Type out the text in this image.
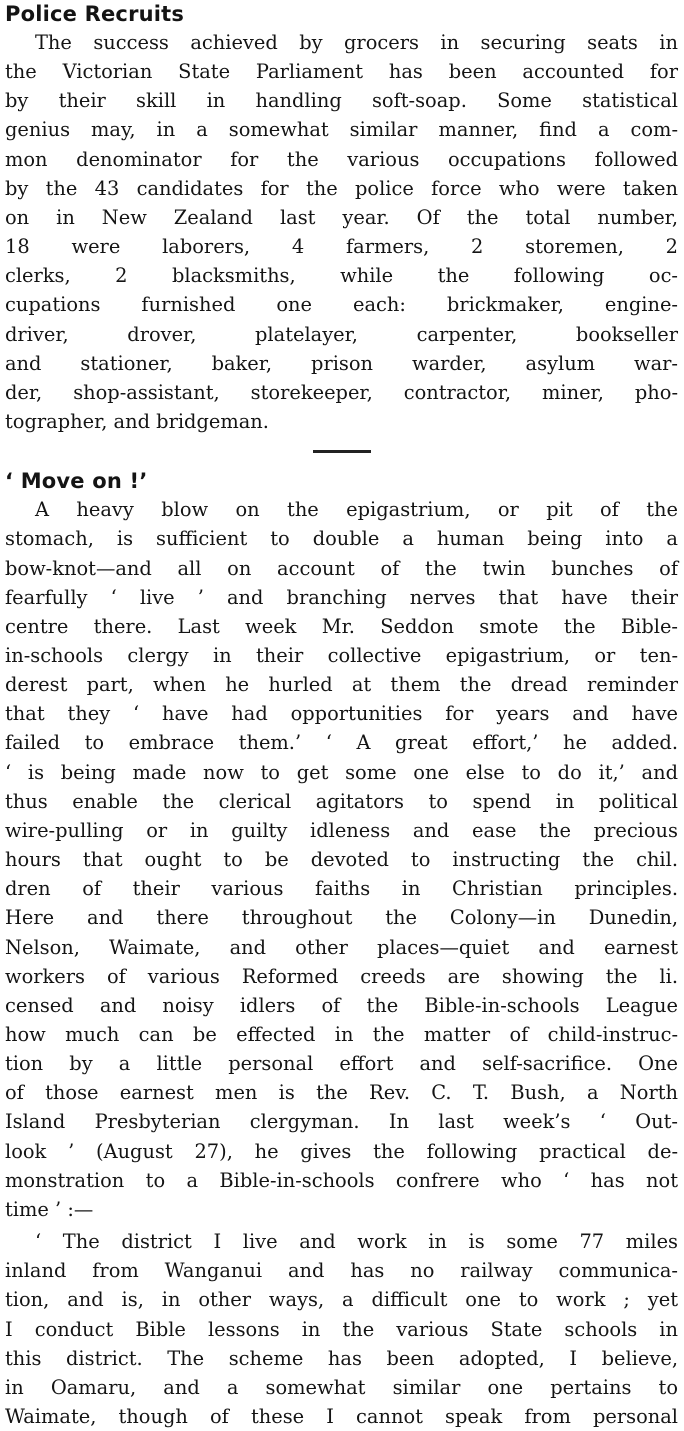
Police Recruits
The success achieved by grocers in securing seats in
the Victorian State Parliament has been accounted for
by their skill in handling soft-soap. Some statistical
genius may, in a somewhat similar manner, find a com-
mon denominator for the various occupations followed
by the 43 candidates for the police force who were taken
on in New Zealand last year. Of the total number,
18 were laborers, 4 farmers, 2 storemen, 2
clerks, 2 blacksmiths, while the following oc-
cupations furnished one each: brickmaker, engine-
driver, drover, platelayer, carpenter, bookseller
and stationer, baker, prison warder, asylum war-
der, shop-assistant, storekeeper, contractor, miner, pho-
tographer, and bridgeman.
‘ Move on !’
A heavy blow on the epigastrium, or pit of the
stomach, is sufficient to double a human being into a
bow-knot—and all on account of the twin bunches of
fearfully ‘ live ’ and branching nerves that have their
centre there. Last week Mr. Seddon smote the Bible-
in-schools clergy in their collective epigastrium, or ten-
derest part, when he hurled at them the dread reminder
that they ‘ have had opportunities for years and have
failed to embrace them.’ ‘ A great effort,’ he added.
‘ is being made now to get some one else to do it,’ and
thus enable the clerical agitators to spend in political
wire-pulling or in guilty idleness and ease the precious
hours that ought to be devoted to instructing the chil.
dren of their various faiths in Christian principles.
Here and there throughout the Colony—in Dunedin,
Nelson, Waimate, and other places—quiet and earnest
workers of various Reformed creeds are showing the li.
censed and noisy idlers of the Bible-in-schools League
how much can be effected in the matter of child-instruc-
tion by a little personal effort and self-sacrifice. One
of those earnest men is the Rev. C. T. Bush, a North
Island Presbyterian clergyman. In last week’s ‘ Out-
look ’ (August 27), he gives the following practical de-
monstration to a Bible-in-schools confrere who ‘ has not
time ’ :—
‘ The district I live and work in is some 77 miles
inland from Wanganui and has no railway communica-
tion, and is, in other ways, a difficult one to work ; yet
I conduct Bible lessons in the various State schools in
this district. The scheme has been adopted, I believe,
in Oamaru, and a somewhat similar one pertains to
Waimate, though of these I cannot speak from personal
